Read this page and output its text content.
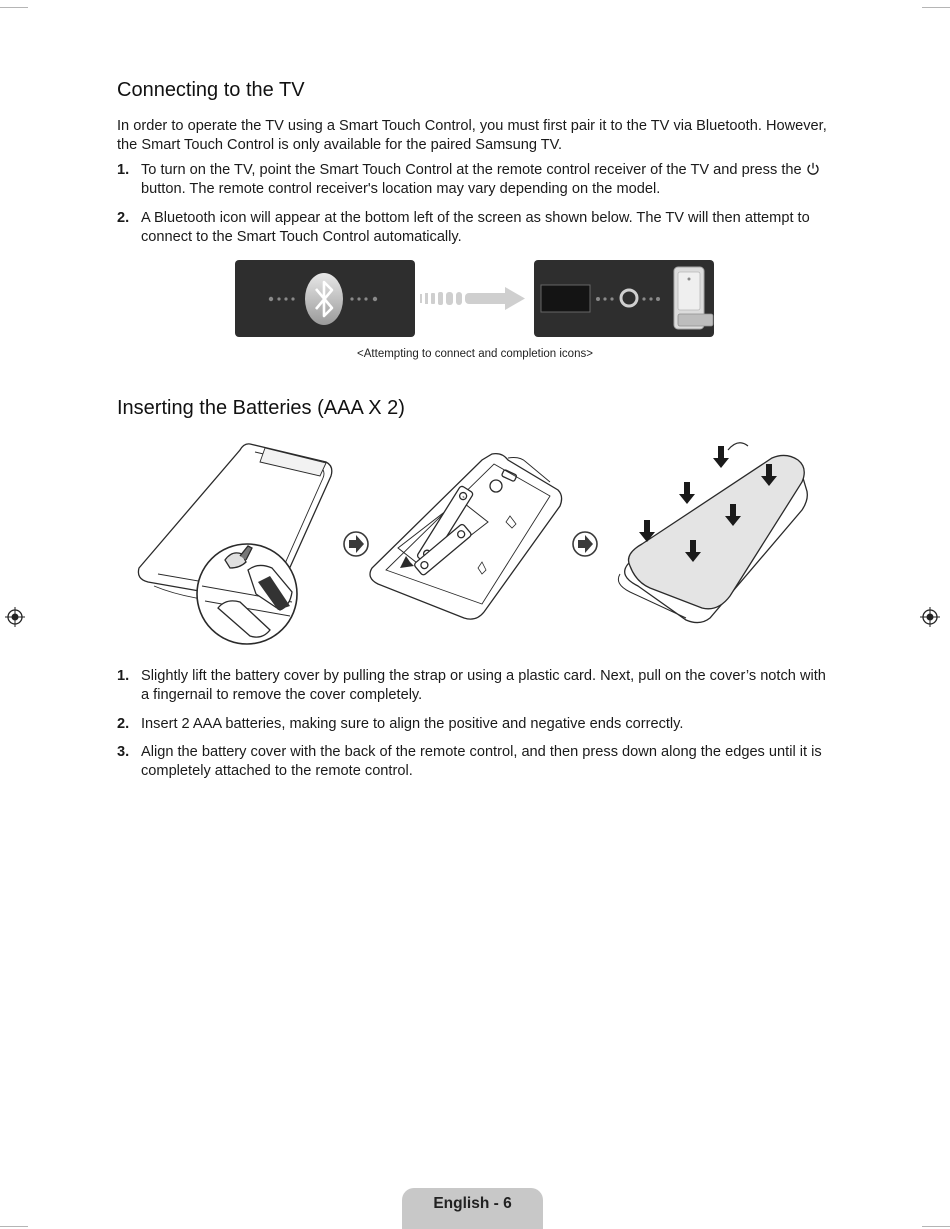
Connecting to the TV

In order to operate the TV using a Smart Touch Control, you must first pair it to the TV via Bluetooth. However, the Smart Touch Control is only available for the paired Samsung TV.

1. To turn on the TV, point the Smart Touch Control at the remote control receiver of the TV and press the  button. The remote control receiver's location may vary depending on the model.
2. A Bluetooth icon will appear at the bottom left of the screen as shown below. The TV will then attempt to connect to the Smart Touch Control automatically.
Inserting the Batteries (AAA X 2)
1. Slightly lift the battery cover by pulling the strap or using a plastic card. Next, pull on the cover’s notch with a fingernail to remove the cover completely.
2. Insert 2 AAA batteries, making sure to align the positive and negative ends correctly.
3. Align the battery cover with the back of the remote control, and then press down along the edges until it is completely attached to the remote control.
<Attempting to connect and completion icons>
+
English - 6
